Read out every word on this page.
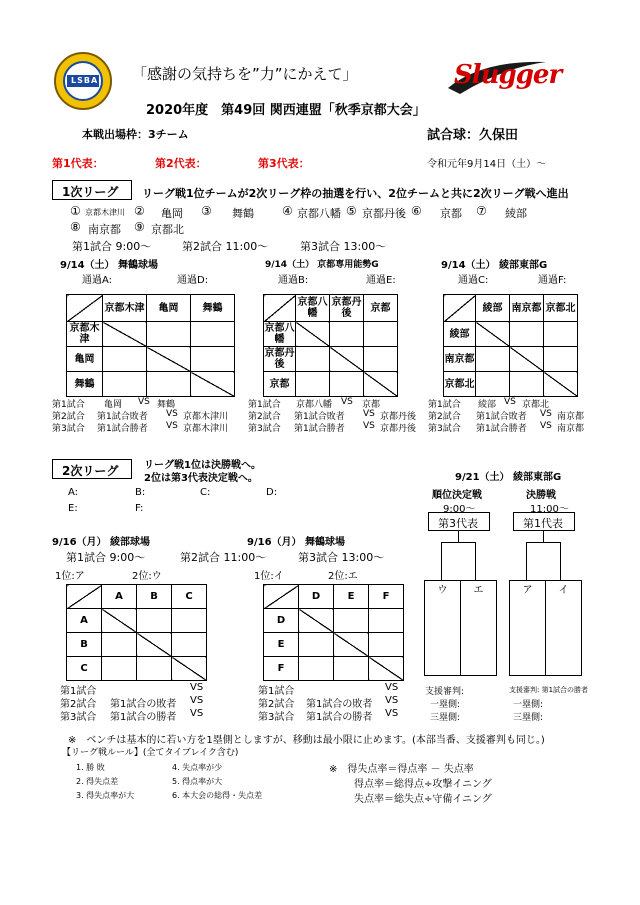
LSBA 「感謝の気持ちを”力”にかえて」	Slugger
2020年度　第49回 関西連盟「秋季京都大会」
本戦出場枠：3チーム	試合球：久保田
第1代表：	第2代表：	第3代表：	令和元年9月14日（土）～
1次リーグ リーグ戦1位チームが2次リーグ枠の抽選を行い、2位チームと共に2次リーグ戦へ進出
① 京都木津川 ② 亀岡 ③ 舞鶴 ④ 京都八幡 ⑤ 京都丹後 ⑥ 京都 ⑦ 綾部
⑧ 南京都 ⑨ 京都北
第1試合 9:00～	第2試合 11:00～	第3試合 13:00～
9/14（土） 舞鶴球場
通過A:	通過D:
	京都木津	亀岡	舞鶴
京都木津			
亀岡			
舞鶴			
第1試合 亀岡 VS 舞鶴
第2試合 第1試合敗者 VS 京都木津川
第3試合 第1試合勝者 VS 京都木津川
9/14（土） 京都専用能勢G
通過B:	通過E:
	京都八幡	京都丹後	京都
京都八幡			
京都丹後			
京都			
第1試合 京都八幡 VS 京都
第2試合 第1試合敗者 VS 京都丹後
第3試合 第1試合勝者 VS 京都丹後
9/14（土） 綾部東部G
通過C:	通過F:
	綾部	南京都	京都北
綾部			
南京都			
京都北			
第1試合 綾部 VS 京都北
第2試合 第1試合敗者 VS 南京都
第3試合 第1試合勝者 VS 南京都
2次リーグ	リーグ戦1位は決勝戦へ。
2位は第3代表決定戦へ。
A:	B:	C:	D:
E:	F:
9/16（月） 綾部球場
第1試合 9:00～	第2試合 11:00～
1位:ア	2位:ウ
	A	B	C
A			
B			
C			
第1試合	VS
第2試合 第1試合の敗者 VS
第3試合 第1試合の勝者 VS
9/16（月） 舞鶴球場
第3試合 13:00～
1位:イ	2位:エ
	D	E	F
D			
E			
F			
第1試合	VS
第2試合 第1試合の敗者 VS
第3試合 第1試合の勝者 VS
9/21（土） 綾部東部G
順位決定戦
9:00～
決勝戦
11:00～
第3代表	第1代表
ウ	エ	ア	イ
支援審判:
一塁側:
三塁側:
支援審判: 第1試合の勝者
一塁側:
三塁側:
※　ベンチは基本的に若い方を1塁側としますが、移動は最小限に止めます。(本部当番、支援審判も同じ。)
【リーグ戦ルール】(全てタイブレイク含む)
1. 勝 敗	4. 失点率が少
2. 得失点差	5. 得点率が大
3. 得失点率が大	6. 本大会の総得・失点差
※　得失点率＝得点率 － 失点率
得点率＝総得点÷攻撃イニング
失点率＝総失点÷守備イニング
